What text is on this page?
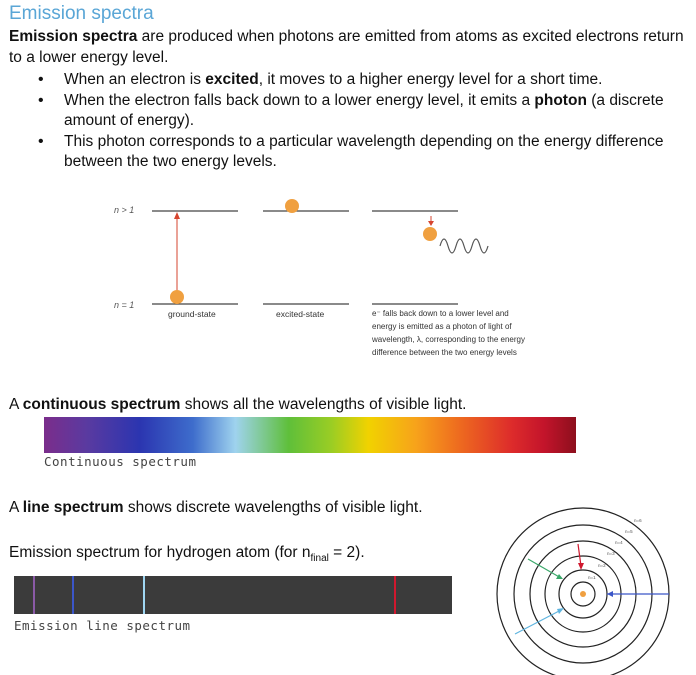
Emission spectra
Emission spectra are produced when photons are emitted from atoms as excited electrons return to a lower energy level.
• When an electron is excited, it moves to a higher energy level for a short time.
• When the electron falls back down to a lower energy level, it emits a photon (a discrete amount of energy).
• This photon corresponds to a particular wavelength depending on the energy difference between the two energy levels.
n > 1
n = 1
ground-state	excited-state	e⁻ falls back down to a lower level and
energy is emitted as a photon of light of
wavelength, λ, corresponding to the energy
difference between the two energy levels
A continuous spectrum shows all the wavelengths of visible light.
Continuous spectrum
A line spectrum shows discrete wavelengths of visible light.
Emission spectrum for hydrogen atom (for $n_{final} = 2$).
Emission line spectrum
n=6
n=5
n=4
n=3
n=2
n=1
